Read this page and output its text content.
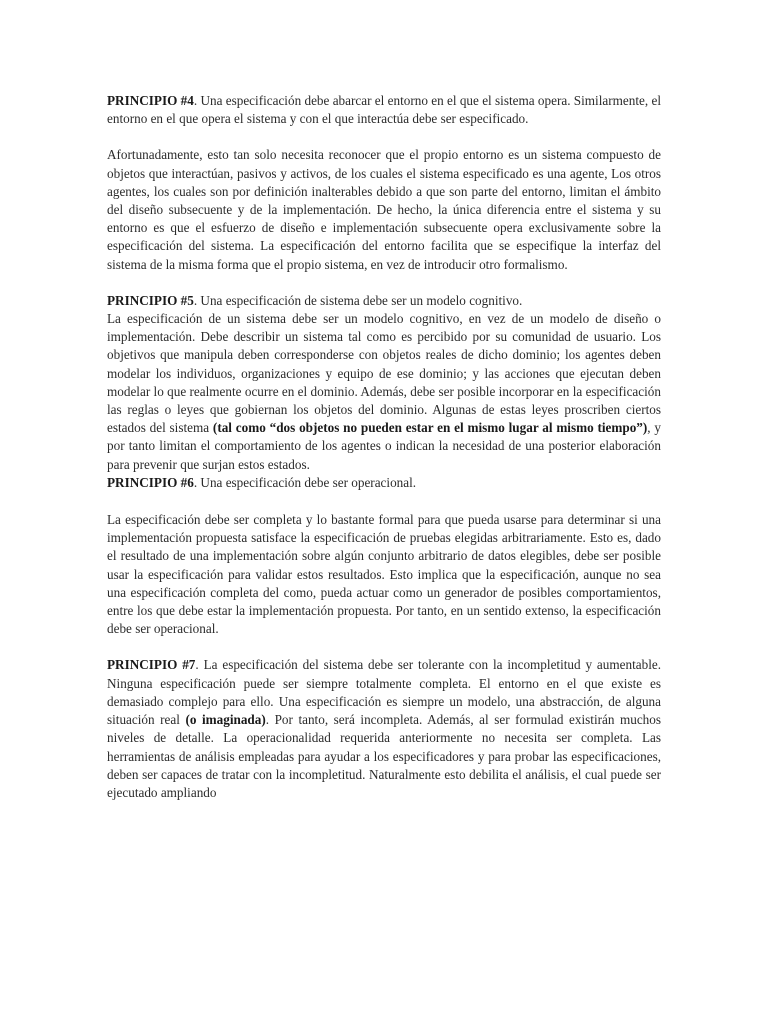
PRINCIPIO #4. Una especificación debe abarcar el entorno en el que el sistema opera. Similarmente, el entorno en el que opera el sistema y con el que interactúa debe ser especificado.

Afortunadamente, esto tan solo necesita reconocer que el propio entorno es un sistema compuesto de objetos que interactúan, pasivos y activos, de los cuales el sistema especificado es una agente, Los otros agentes, los cuales son por definición inalterables debido a que son parte del entorno, limitan el ámbito del diseño subsecuente y de la implementación. De hecho, la única diferencia entre el sistema y su entorno es que el esfuerzo de diseño e implementación subsecuente opera exclusivamente sobre la especificación del sistema. La especificación del entorno facilita que se especifique la interfaz del sistema de la misma forma que el propio sistema, en vez de introducir otro formalismo.

PRINCIPIO #5. Una especificación de sistema debe ser un modelo cognitivo.

La especificación de un sistema debe ser un modelo cognitivo, en vez de un modelo de diseño o implementación. Debe describir un sistema tal como es percibido por su comunidad de usuario. Los objetivos que manipula deben corresponderse con objetos reales de dicho dominio; los agentes deben modelar los individuos, organizaciones y equipo de ese dominio; y las acciones que ejecutan deben modelar lo que realmente ocurre en el dominio. Además, debe ser posible incorporar en la especificación las reglas o leyes que gobiernan los objetos del dominio. Algunas de estas leyes proscriben ciertos estados del sistema (tal como “dos objetos no pueden estar en el mismo lugar al mismo tiempo”), y por tanto limitan el comportamiento de los agentes o indican la necesidad de una posterior elaboración para prevenir que surjan estos estados.

PRINCIPIO #6. Una especificación debe ser operacional.

La especificación debe ser completa y lo bastante formal para que pueda usarse para determinar si una implementación propuesta satisface la especificación de pruebas elegidas arbitrariamente. Esto es, dado el resultado de una implementación sobre algún conjunto arbitrario de datos elegibles, debe ser posible usar la especificación para validar estos resultados. Esto implica que la especificación, aunque no sea una especificación completa del como, pueda actuar como un generador de posibles comportamientos, entre los que debe estar la implementación propuesta. Por tanto, en un sentido extenso, la especificación debe ser operacional.

PRINCIPIO #7. La especificación del sistema debe ser tolerante con la incompletitud y aumentable. Ninguna especificación puede ser siempre totalmente completa. El entorno en el que existe es demasiado complejo para ello. Una especificación es siempre un modelo, una abstracción, de alguna situación real (o imaginada). Por tanto, será incompleta. Además, al ser formulad existirán muchos niveles de detalle. La operacionalidad requerida anteriormente no necesita ser completa. Las herramientas de análisis empleadas para ayudar a los especificadores y para probar las especificaciones, deben ser capaces de tratar con la incompletitud. Naturalmente esto debilita el análisis, el cual puede ser ejecutado ampliando
